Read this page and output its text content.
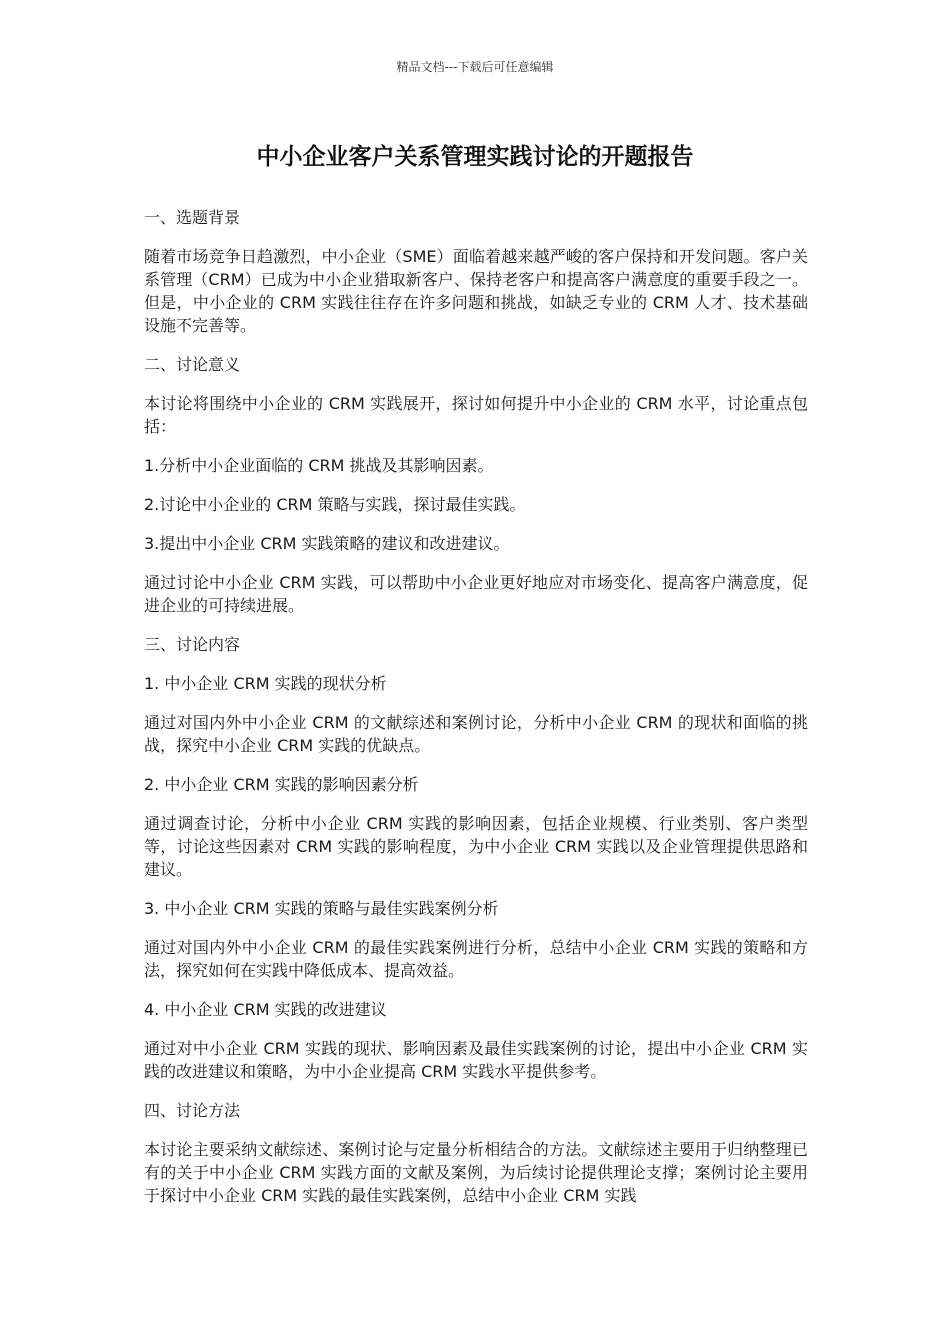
精品文档---下载后可任意编辑
中小企业客户关系管理实践讨论的开题报告

一、选题背景

随着市场竞争日趋激烈，中小企业（SME）面临着越来越严峻的客户保持和开发问题。客户关系管理（CRM）已成为中小企业猎取新客户、保持老客户和提高客户满意度的重要手段之一。但是，中小企业的 CRM 实践往往存在许多问题和挑战，如缺乏专业的 CRM 人才、技术基础设施不完善等。

二、讨论意义

本讨论将围绕中小企业的 CRM 实践展开，探讨如何提升中小企业的 CRM 水平，讨论重点包括：

1.分析中小企业面临的 CRM 挑战及其影响因素。

2.讨论中小企业的 CRM 策略与实践，探讨最佳实践。

3.提出中小企业 CRM 实践策略的建议和改进建议。

通过讨论中小企业 CRM 实践，可以帮助中小企业更好地应对市场变化、提高客户满意度，促进企业的可持续进展。

三、讨论内容

1. 中小企业 CRM 实践的现状分析

通过对国内外中小企业 CRM 的文献综述和案例讨论，分析中小企业 CRM 的现状和面临的挑战，探究中小企业 CRM 实践的优缺点。

2. 中小企业 CRM 实践的影响因素分析

通过调查讨论，分析中小企业 CRM 实践的影响因素，包括企业规模、行业类别、客户类型等，讨论这些因素对 CRM 实践的影响程度，为中小企业 CRM 实践以及企业管理提供思路和建议。

3. 中小企业 CRM 实践的策略与最佳实践案例分析

通过对国内外中小企业 CRM 的最佳实践案例进行分析，总结中小企业 CRM 实践的策略和方法，探究如何在实践中降低成本、提高效益。

4. 中小企业 CRM 实践的改进建议

通过对中小企业 CRM 实践的现状、影响因素及最佳实践案例的讨论，提出中小企业 CRM 实践的改进建议和策略，为中小企业提高 CRM 实践水平提供参考。

四、讨论方法

本讨论主要采纳文献综述、案例讨论与定量分析相结合的方法。文献综述主要用于归纳整理已有的关于中小企业 CRM 实践方面的文献及案例，为后续讨论提供理论支撑；案例讨论主要用于探讨中小企业 CRM 实践的最佳实践案例，总结中小企业 CRM 实践
